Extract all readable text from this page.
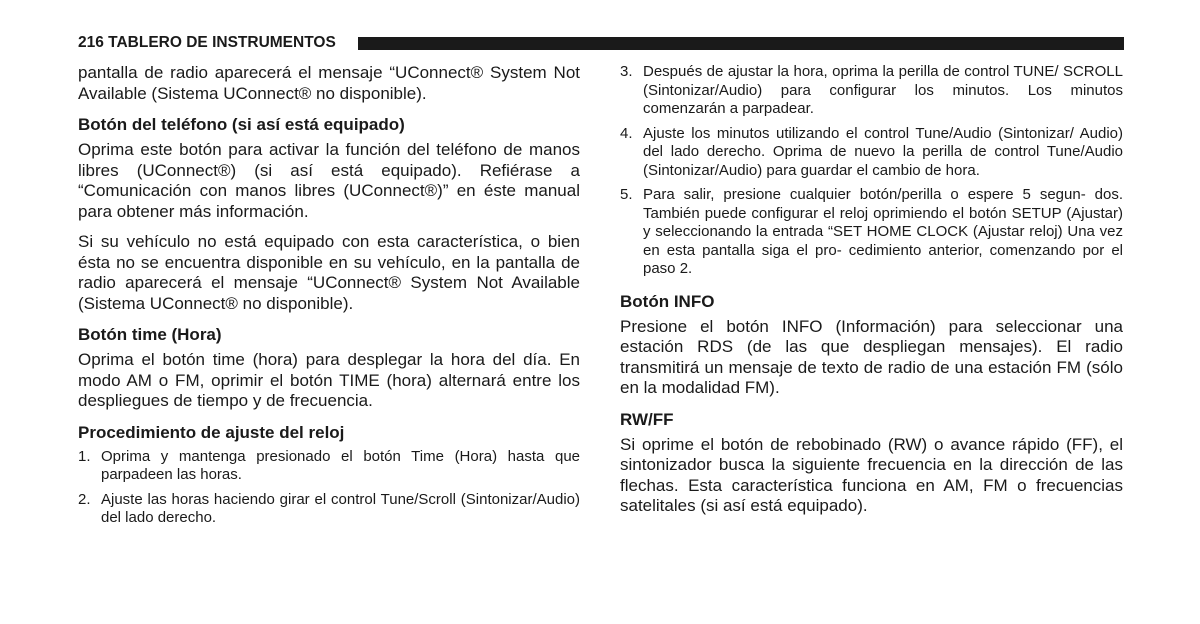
216 TABLERO DE INSTRUMENTOS

pantalla de radio aparecerá el mensaje “UConnect® System Not Available (Sistema UConnect® no disponible).

Botón del teléfono (si así está equipado)

Oprima este botón para activar la función del teléfono de manos libres (UConnect®) (si así está equipado). Refiérase a “Comunicación con manos libres (UConnect®)” en éste manual para obtener más información.

Si su vehículo no está equipado con esta característica, o bien ésta no se encuentra disponible en su vehículo, en la pantalla de radio aparecerá el mensaje “UConnect® System Not Available (Sistema UConnect® no disponible).

Botón time (Hora)

Oprima el botón time (hora) para desplegar la hora del día. En modo AM o FM, oprimir el botón TIME (hora) alternará entre los despliegues de tiempo y de frecuencia.

Procedimiento de ajuste del reloj
1. Oprima y mantenga presionado el botón Time (Hora) hasta que parpadeen las horas.
2. Ajuste las horas haciendo girar el control Tune/Scroll (Sintonizar/Audio) del lado derecho.
3. Después de ajustar la hora, oprima la perilla de control TUNE/ SCROLL (Sintonizar/Audio) para configurar los minutos. Los minutos comenzarán a parpadear.
4. Ajuste los minutos utilizando el control Tune/Audio (Sintonizar/ Audio) del lado derecho. Oprima de nuevo la perilla de control Tune/Audio (Sintonizar/Audio) para guardar el cambio de hora.
5. Para salir, presione cualquier botón/perilla o espere 5 segun- dos. También puede configurar el reloj oprimiendo el botón SETUP (Ajustar) y seleccionando la entrada “SET HOME CLOCK (Ajustar reloj) Una vez en esta pantalla siga el pro- cedimiento anterior, comenzando por el paso 2.
Botón INFO

Presione el botón INFO (Información) para seleccionar una estación RDS (de las que despliegan mensajes). El radio transmitirá un mensaje de texto de radio de una estación FM (sólo en la modalidad FM).

RW/FF

Si oprime el botón de rebobinado (RW) o avance rápido (FF), el sintonizador busca la siguiente frecuencia en la dirección de las flechas. Esta característica funciona en AM, FM o frecuencias satelitales (si así está equipado).
